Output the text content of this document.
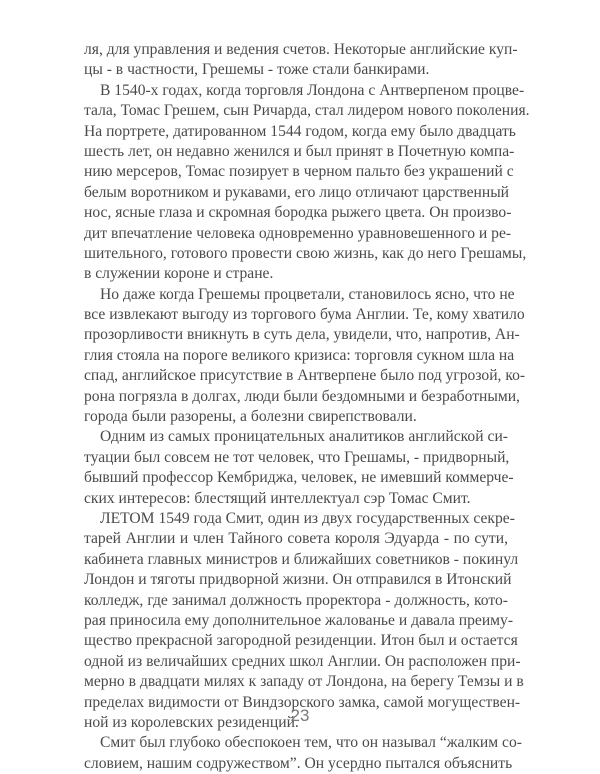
ля, для управления и ведения счетов. Некоторые английские куп-
цы - в частности, Грешемы - тоже стали банкирами.
В 1540-х годах, когда торговля Лондона с Антверпеном процве-
тала, Томас Грешем, сын Ричарда, стал лидером нового поколения.
На портрете, датированном 1544 годом, когда ему было двадцать
шесть лет, он недавно женился и был принят в Почетную компа-
нию мерсеров, Томас позирует в черном пальто без украшений с
белым воротником и рукавами, его лицо отличают царственный
нос, ясные глаза и скромная бородка рыжего цвета. Он произво-
дит впечатление человека одновременно уравновешенного и ре-
шительного, готового провести свою жизнь, как до него Грешамы,
в служении короне и стране.
Но даже когда Грешемы процветали, становилось ясно, что не
все извлекают выгоду из торгового бума Англии. Те, кому хватило
прозорливости вникнуть в суть дела, увидели, что, напротив, Ан-
глия стояла на пороге великого кризиса: торговля сукном шла на
спад, английское присутствие в Антверпене было под угрозой, ко-
рона погрязла в долгах, люди были бездомными и безработными,
города были разорены, а болезни свирепствовали.
Одним из самых проницательных аналитиков английской си-
туации был совсем не тот человек, что Грешамы, - придворный,
бывший профессор Кембриджа, человек, не имевший коммерче-
ских интересов: блестящий интеллектуал сэр Томас Смит.
ЛЕТОМ 1549 года Смит, один из двух государственных секре-
тарей Англии и член Тайного совета короля Эдуарда - по сути,
кабинета главных министров и ближайших советников - покинул
Лондон и тяготы придворной жизни. Он отправился в Итонский
колледж, где занимал должность проректора - должность, кото-
рая приносила ему дополнительное жалованье и давала преиму-
щество прекрасной загородной резиденции. Итон был и остается
одной из величайших средних школ Англии. Он расположен при-
мерно в двадцати милях к западу от Лондона, на берегу Темзы и в
пределах видимости от Виндзорского замка, самой могуществен-
ной из королевских резиденций.
Смит был глубоко обеспокоен тем, что он называл “жалким со-
словием, нашим содружеством”. Он усердно пытался объяснить
23
